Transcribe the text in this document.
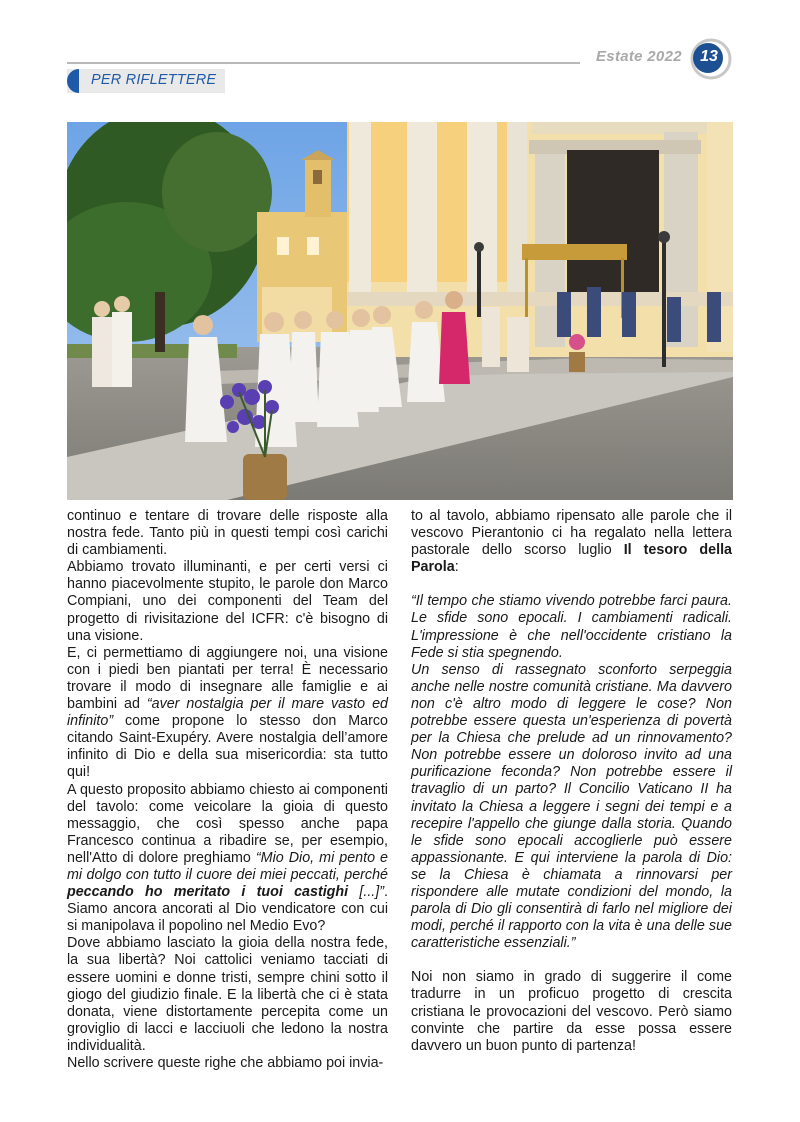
Estate 2022	13
PER RIFLETTERE

continuo e tentare di trovare delle risposte alla nostra fede. Tanto più in questi tempi così carichi di cambiamenti.

Abbiamo trovato illuminanti, e per certi versi ci hanno piacevolmente stupito, le parole don Marco Compiani, uno dei componenti del Team del progetto di rivisitazione del ICFR: c'è bisogno di una visione.

E, ci permettiamo di aggiungere noi, una visione con i piedi ben piantati per terra! È necessario trovare il modo di insegnare alle famiglie e ai bambini ad “aver nostalgia per il mare vasto ed infinito” come propone lo stesso don Marco citando Saint-Exupéry. Avere nostalgia dell’amore infinito di Dio e della sua misericordia: sta tutto qui!

A questo proposito abbiamo chiesto ai componenti del tavolo: come veicolare la gioia di questo messaggio, che così spesso anche papa Francesco continua a ribadire se, per esempio, nell'Atto di dolore preghiamo “Mio Dio, mi pento e mi dolgo con tutto il cuore dei miei peccati, perché peccando ho meritato i tuoi castighi [...]”. Siamo ancora ancorati al Dio vendicatore con cui si manipolava il popolino nel Medio Evo?

Dove abbiamo lasciato la gioia della nostra fede, la sua libertà? Noi cattolici veniamo tacciati di essere uomini e donne tristi, sempre chini sotto il giogo del giudizio finale. E la libertà che ci è stata donata, viene distortamente percepita come un groviglio di lacci e lacciuoli che ledono la nostra individualità.

Nello scrivere queste righe che abbiamo poi invia-

to al tavolo, abbiamo ripensato alle parole che il vescovo Pierantonio ci ha regalato nella lettera pastorale dello scorso luglio Il tesoro della Parola:

“Il tempo che stiamo vivendo potrebbe farci paura. Le sfide sono epocali. I cambiamenti radicali. L'impressione è che nell'occidente cristiano la Fede si stia spegnendo.

Un senso di rassegnato sconforto serpeggia anche nelle nostre comunità cristiane. Ma davvero non c'è altro modo di leggere le cose? Non potrebbe essere questa un'esperienza di povertà per la Chiesa che prelude ad un rinnovamento? Non potrebbe essere un doloroso invito ad una purificazione feconda? Non potrebbe essere il travaglio di un parto? Il Concilio Vaticano II ha invitato la Chiesa a leggere i segni dei tempi e a recepire l'appello che giunge dalla storia. Quando le sfide sono epocali accoglierle può essere appassionante. E qui interviene la parola di Dio: se la Chiesa è chiamata a rinnovarsi per rispondere alle mutate condizioni del mondo, la parola di Dio gli consentirà di farlo nel migliore dei modi, perché il rapporto con la vita è una delle sue caratteristiche essenziali.”

Noi non siamo in grado di suggerire il come tradurre in un proficuo progetto di crescita cristiana le provocazioni del vescovo. Però siamo convinte che partire da esse possa essere davvero un buon punto di partenza!
